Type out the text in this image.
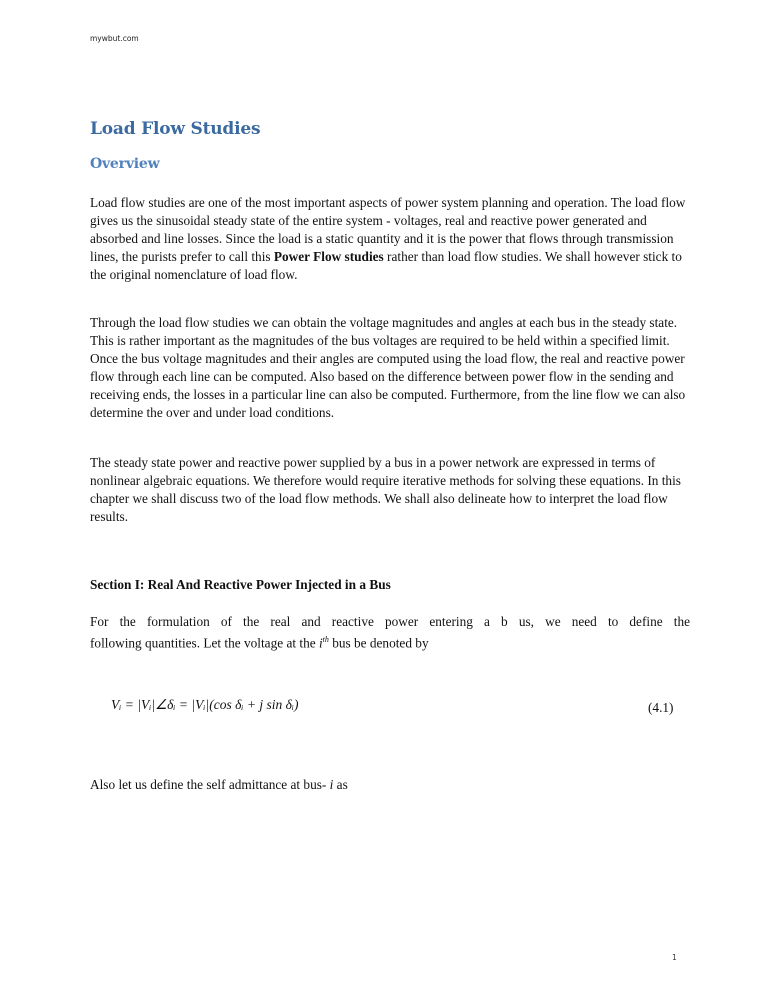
mywbut.com
Load Flow Studies
Overview

Load flow studies are one of the most important aspects of power system planning and operation. The load flow gives us the sinusoidal steady state of the entire system - voltages, real and reactive power generated and absorbed and line losses. Since the load is a static quantity and it is the power that flows through transmission lines, the purists prefer to call this Power Flow studies rather than load flow studies. We shall however stick to the original nomenclature of load flow.

Through the load flow studies we can obtain the voltage magnitudes and angles at each bus in the steady state. This is rather important as the magnitudes of the bus voltages are required to be held within a specified limit. Once the bus voltage magnitudes and their angles are computed using the load flow, the real and reactive power flow through each line can be computed. Also based on the difference between power flow in the sending and receiving ends, the losses in a particular line can also be computed. Furthermore, from the line flow we can also determine the over and under load conditions.

The steady state power and reactive power supplied by a bus in a power network are expressed in terms of nonlinear algebraic equations. We therefore would require iterative methods for solving these equations. In this chapter we shall discuss two of the load flow methods. We shall also delineate how to interpret the load flow results.

Section I: Real And Reactive Power Injected in a Bus

For the formulation of the real and reactive power entering a b us, we need to define the
following quantities. Let the voltage at the $i^{th}$ bus be denoted by

Vᵢ = |Vᵢ|∠δᵢ = |Vᵢ|(cos δᵢ + j sin δᵢ)	(4.1)

Also let us define the self admittance at bus- i as

1
